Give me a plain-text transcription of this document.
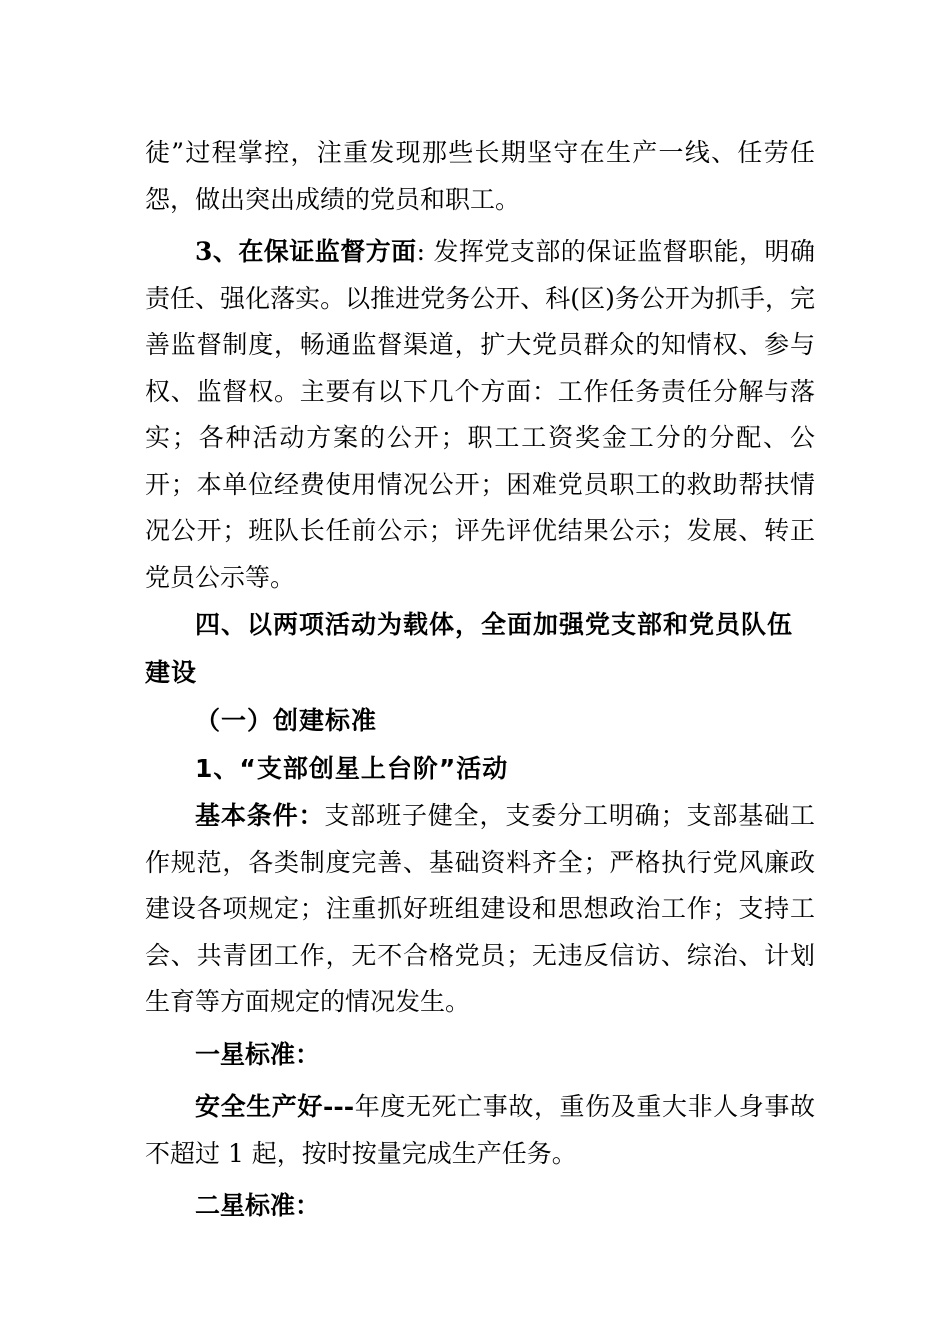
徒”过程掌控，注重发现那些长期坚守在生产一线、任劳任怨，做出突出成绩的党员和职工。

3、在保证监督方面: 发挥党支部的保证监督职能，明确责任、强化落实。以推进党务公开、科(区)务公开为抓手，完善监督制度，畅通监督渠道，扩大党员群众的知情权、参与权、监督权。主要有以下几个方面：工作任务责任分解与落实；各种活动方案的公开；职工工资奖金工分的分配、公开；本单位经费使用情况公开；困难党员职工的救助帮扶情况公开；班队长任前公示；评先评优结果公示；发展、转正党员公示等。

四、以两项活动为载体，全面加强党支部和党员队伍建设

（一）创建标准

1、“支部创星上台阶”活动

基本条件：支部班子健全，支委分工明确；支部基础工作规范，各类制度完善、基础资料齐全；严格执行党风廉政建设各项规定；注重抓好班组建设和思想政治工作；支持工会、共青团工作，无不合格党员；无违反信访、综治、计划生育等方面规定的情况发生。

一星标准：

安全生产好---年度无死亡事故，重伤及重大非人身事故不超过 1 起，按时按量完成生产任务。

二星标准：
